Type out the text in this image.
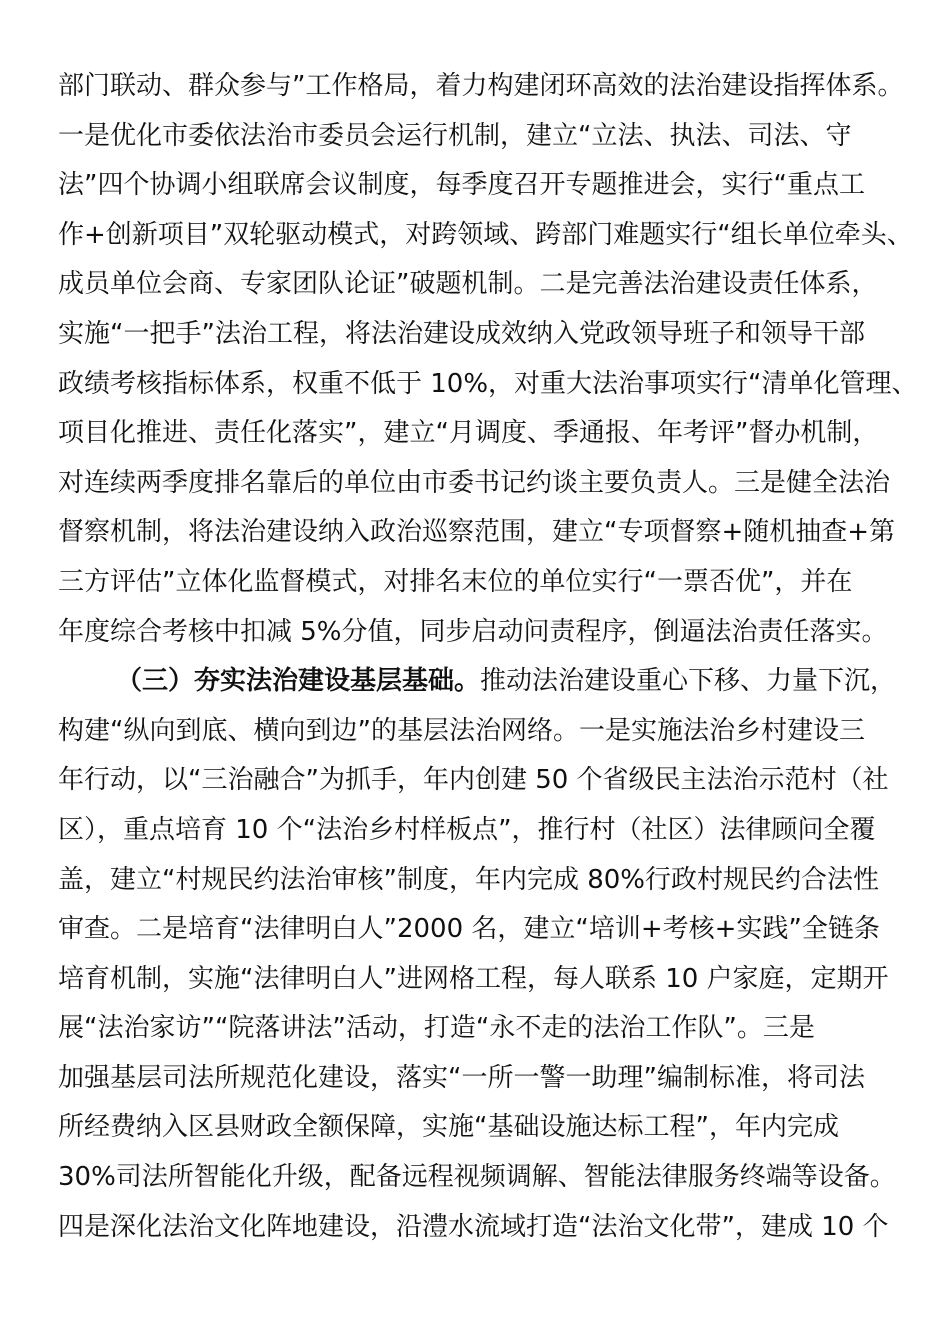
部门联动、群众参与”工作格局，着力构建闭环高效的法治建设指挥体系。
一是优化市委依法治市委员会运行机制，建立“立法、执法、司法、守
法”四个协调小组联席会议制度，每季度召开专题推进会，实行“重点工
作+创新项目”双轮驱动模式，对跨领域、跨部门难题实行“组长单位牵头、
成员单位会商、专家团队论证”破题机制。二是完善法治建设责任体系，
实施“一把手”法治工程，将法治建设成效纳入党政领导班子和领导干部
政绩考核指标体系，权重不低于 10%，对重大法治事项实行“清单化管理、
项目化推进、责任化落实”，建立“月调度、季通报、年考评”督办机制，
对连续两季度排名靠后的单位由市委书记约谈主要负责人。三是健全法治
督察机制，将法治建设纳入政治巡察范围，建立“专项督察+随机抽查+第
三方评估”立体化监督模式，对排名末位的单位实行“一票否优”，并在
年度综合考核中扣减 5%分值，同步启动问责程序，倒逼法治责任落实。
（三）夯实法治建设基层基础。推动法治建设重心下移、力量下沉，
构建“纵向到底、横向到边”的基层法治网络。一是实施法治乡村建设三
年行动，以“三治融合”为抓手，年内创建 50 个省级民主法治示范村（社
区），重点培育 10 个“法治乡村样板点”，推行村（社区）法律顾问全覆
盖，建立“村规民约法治审核”制度，年内完成 80%行政村规民约合法性
审查。二是培育“法律明白人”2000 名，建立“培训+考核+实践”全链条
培育机制，实施“法律明白人”进网格工程，每人联系 10 户家庭，定期开
展“法治家访”“院落讲法”活动，打造“永不走的法治工作队”。三是
加强基层司法所规范化建设，落实“一所一警一助理”编制标准，将司法
所经费纳入区县财政全额保障，实施“基础设施达标工程”，年内完成
30%司法所智能化升级，配备远程视频调解、智能法律服务终端等设备。
四是深化法治文化阵地建设，沿澧水流域打造“法治文化带”，建成 10 个
